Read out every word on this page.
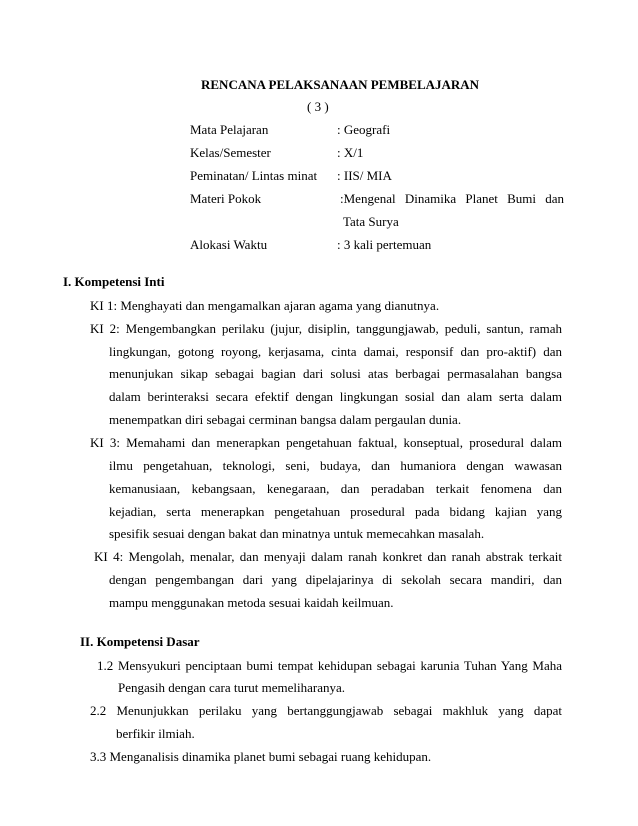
RENCANA PELAKSANAAN PEMBELAJARAN
( 3 )
Mata Pelajaran	: Geografi
Kelas/Semester	: X/1
Peminatan/ Lintas minat : IIS/ MIA
Materi Pokok	:Mengenal Dinamika Planet Bumi dan
Tata Surya
Alokasi Waktu	: 3 kali pertemuan
I. Kompetensi Inti
KI 1: Menghayati dan mengamalkan ajaran agama yang dianutnya.
KI 2: Mengembangkan perilaku (jujur, disiplin, tanggungjawab, peduli, santun, ramah
lingkungan, gotong royong, kerjasama, cinta damai, responsif dan pro-aktif) dan
menunjukan sikap sebagai bagian dari solusi atas berbagai permasalahan bangsa
dalam berinteraksi secara efektif dengan lingkungan sosial dan alam serta dalam
menempatkan diri sebagai cerminan bangsa dalam pergaulan dunia.
KI 3: Memahami dan menerapkan pengetahuan faktual, konseptual, prosedural dalam
ilmu pengetahuan, teknologi, seni, budaya, dan humaniora dengan wawasan
kemanusiaan, kebangsaan, kenegaraan, dan peradaban terkait fenomena dan
kejadian, serta menerapkan pengetahuan prosedural pada bidang kajian yang
spesifik sesuai dengan bakat dan minatnya untuk memecahkan masalah.
KI 4: Mengolah, menalar, dan menyaji dalam ranah konkret dan ranah abstrak terkait
dengan pengembangan dari yang dipelajarinya di sekolah secara mandiri, dan
mampu menggunakan metoda sesuai kaidah keilmuan.
II. Kompetensi Dasar
1.2 Mensyukuri penciptaan bumi tempat kehidupan sebagai karunia Tuhan Yang Maha
Pengasih dengan cara turut memeliharanya.
2.2 Menunjukkan perilaku yang bertanggungjawab sebagai makhluk yang dapat
berfikir ilmiah.
3.3 Menganalisis dinamika planet bumi sebagai ruang kehidupan.
